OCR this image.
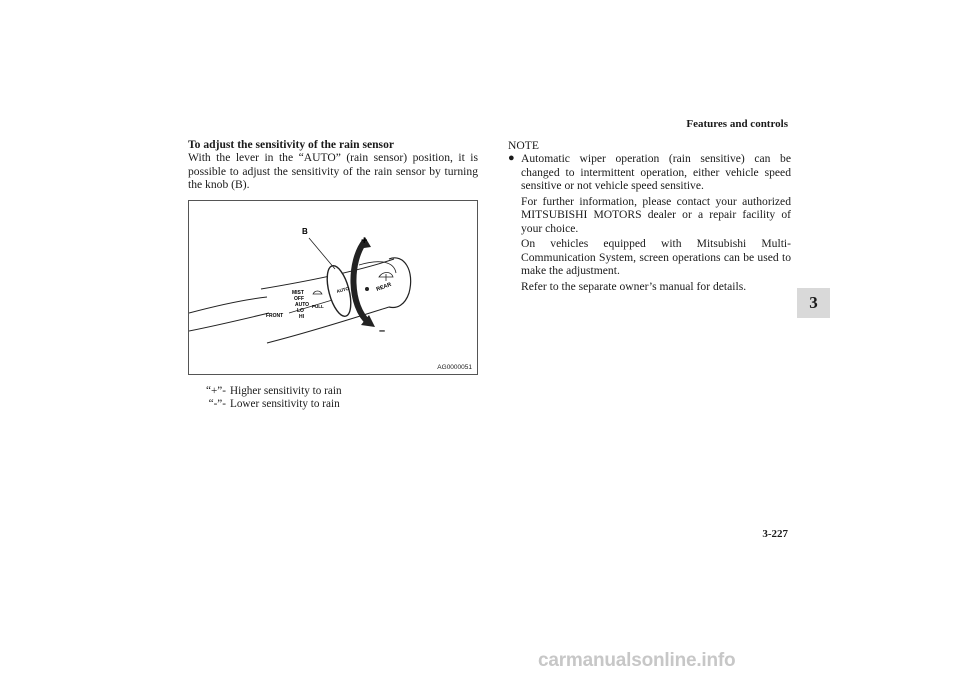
Features and controls
3
To adjust the sensitivity of the rain sensor

With the lever in the “AUTO” (rain sensor) position, it is possible to adjust the sensitivity of the rain sensor by turning the knob (B).

B
+
–
MIST
OFF
AUTO
LO
HI
FRONT
PULL
AUTO	REAR
AG0000051
“+”- Higher sensitivity to rain
“-”- Lower sensitivity to rain
NOTE
● Automatic wiper operation (rain sensitive) can be changed to intermittent operation, either vehicle speed sensitive or not vehicle speed sensitive.

For further information, please contact your authorized MITSUBISHI MOTORS dealer or a repair facility of your choice.

On vehicles equipped with Mitsubishi Multi-Communication System, screen operations can be used to make the adjustment.

Refer to the separate owner’s manual for details.

3-227
carmanualsonline.info
